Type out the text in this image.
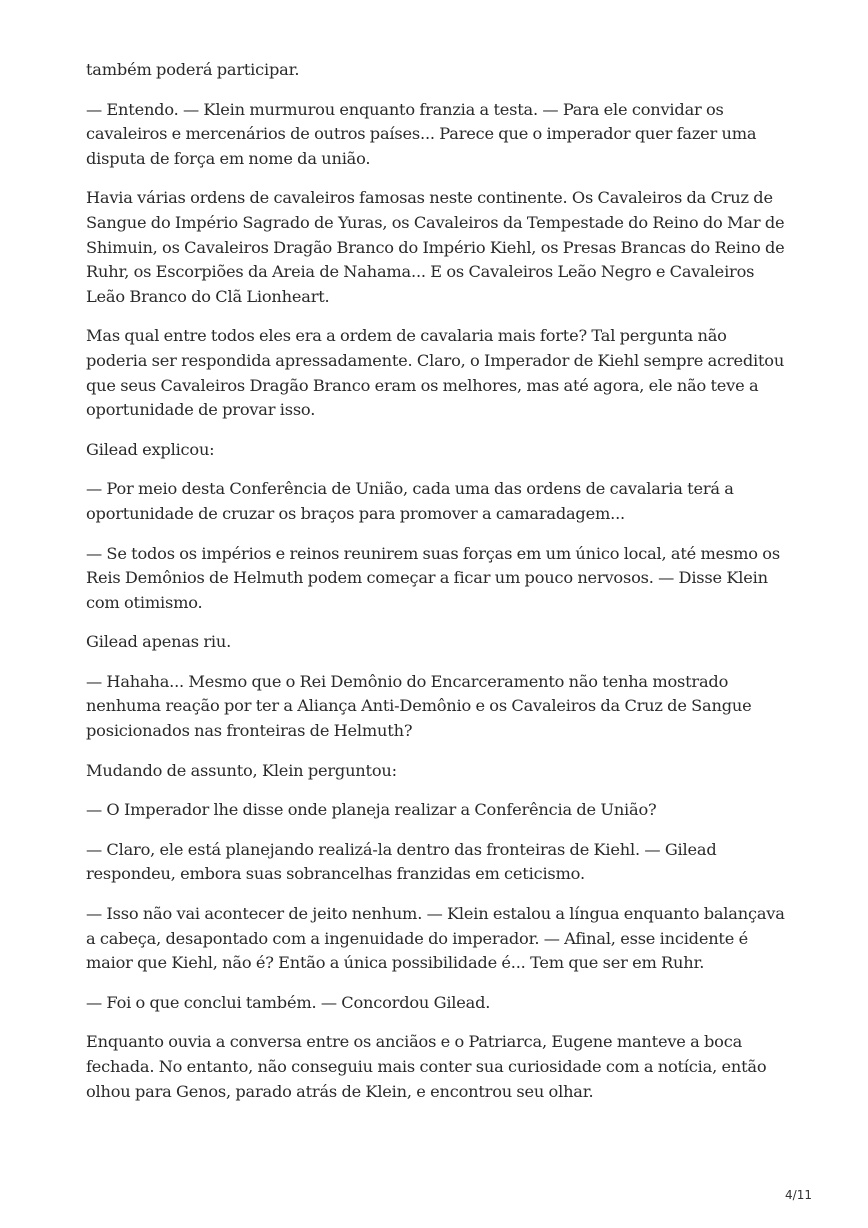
também poderá participar.

— Entendo. — Klein murmurou enquanto franzia a testa. — Para ele convidar os cavaleiros e mercenários de outros países... Parece que o imperador quer fazer uma disputa de força em nome da união.

Havia várias ordens de cavaleiros famosas neste continente. Os Cavaleiros da Cruz de Sangue do Império Sagrado de Yuras, os Cavaleiros da Tempestade do Reino do Mar de Shimuin, os Cavaleiros Dragão Branco do Império Kiehl, os Presas Brancas do Reino de Ruhr, os Escorpiões da Areia de Nahama... E os Cavaleiros Leão Negro e Cavaleiros Leão Branco do Clã Lionheart.

Mas qual entre todos eles era a ordem de cavalaria mais forte? Tal pergunta não poderia ser respondida apressadamente. Claro, o Imperador de Kiehl sempre acreditou que seus Cavaleiros Dragão Branco eram os melhores, mas até agora, ele não teve a oportunidade de provar isso.

Gilead explicou:

— Por meio desta Conferência de União, cada uma das ordens de cavalaria terá a oportunidade de cruzar os braços para promover a camaradagem...

— Se todos os impérios e reinos reunirem suas forças em um único local, até mesmo os Reis Demônios de Helmuth podem começar a ficar um pouco nervosos. — Disse Klein com otimismo.

Gilead apenas riu.

— Hahaha... Mesmo que o Rei Demônio do Encarceramento não tenha mostrado nenhuma reação por ter a Aliança Anti-Demônio e os Cavaleiros da Cruz de Sangue posicionados nas fronteiras de Helmuth?

Mudando de assunto, Klein perguntou:

— O Imperador lhe disse onde planeja realizar a Conferência de União?

— Claro, ele está planejando realizá-la dentro das fronteiras de Kiehl. — Gilead respondeu, embora suas sobrancelhas franzidas em ceticismo.

— Isso não vai acontecer de jeito nenhum. — Klein estalou a língua enquanto balançava a cabeça, desapontado com a ingenuidade do imperador. — Afinal, esse incidente é maior que Kiehl, não é? Então a única possibilidade é... Tem que ser em Ruhr.

— Foi o que conclui também. — Concordou Gilead.

Enquanto ouvia a conversa entre os anciãos e o Patriarca, Eugene manteve a boca fechada. No entanto, não conseguiu mais conter sua curiosidade com a notícia, então olhou para Genos, parado atrás de Klein, e encontrou seu olhar.

4/11
